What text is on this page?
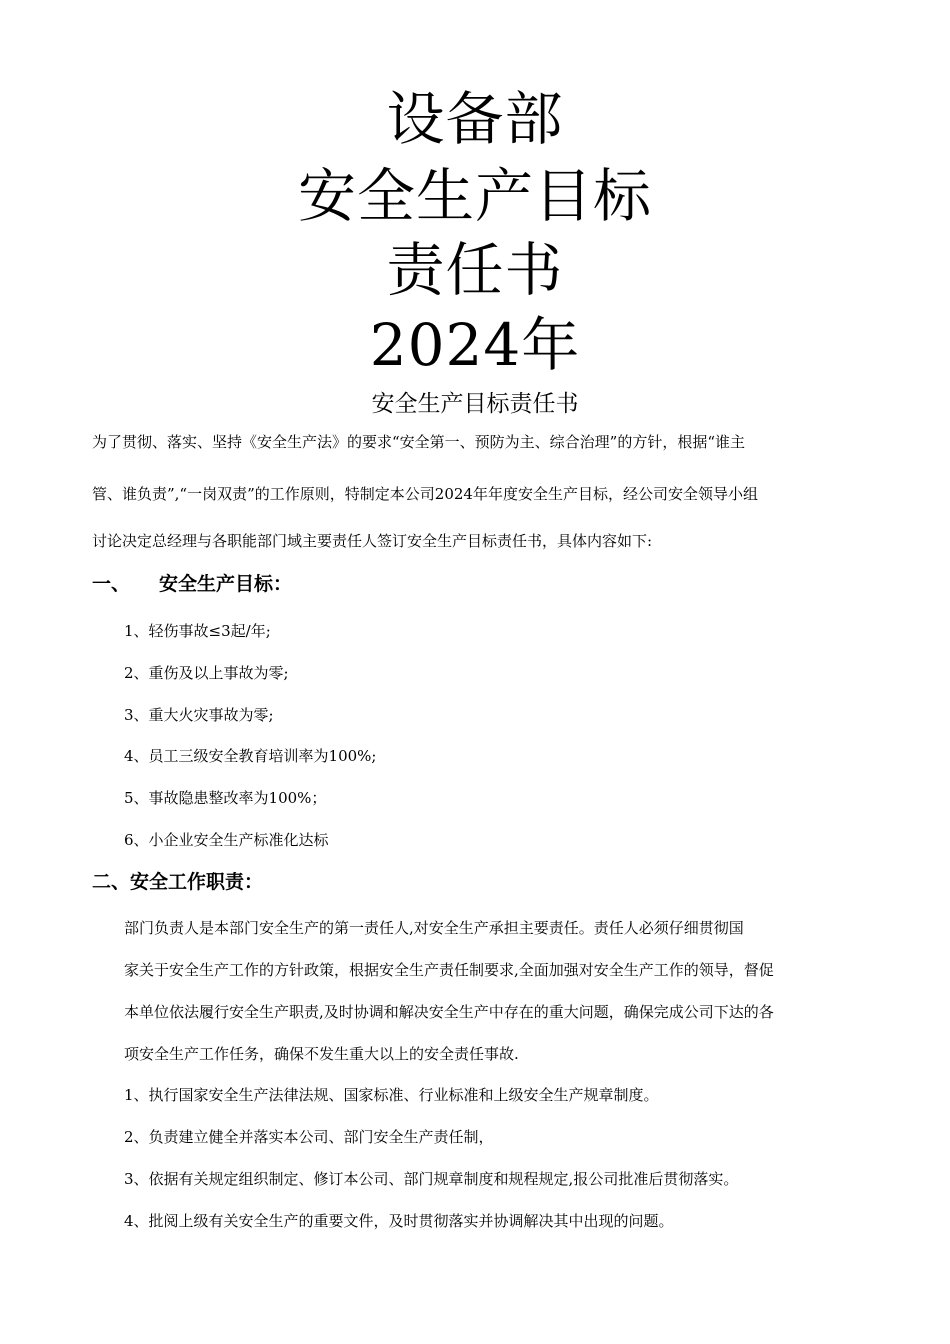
设备部
安全生产目标
责任书
2024年
安全生产目标责任书
为了贯彻、落实、坚持《安全生产法》的要求“安全第一、预防为主、综合治理”的方针，根据“谁主
管、谁负责”,“一岗双责”的工作原则，特制定本公司2024年年度安全生产目标，经公司安全领导小组
讨论决定总经理与各职能部门域主要责任人签订安全生产目标责任书，具体内容如下:
一、 安全生产目标：
1、轻伤事故≤3起/年;
2、重伤及以上事故为零;
3、重大火灾事故为零;
4、员工三级安全教育培训率为100%;
5、事故隐患整改率为100%；
6、小企业安全生产标准化达标
二、安全工作职责：
部门负责人是本部门安全生产的第一责任人,对安全生产承担主要责任。责任人必须仔细贯彻国
家关于安全生产工作的方针政策，根据安全生产责任制要求,全面加强对安全生产工作的领导，督促
本单位依法履行安全生产职责,及时协调和解决安全生产中存在的重大问题，确保完成公司下达的各
项安全生产工作任务，确保不发生重大以上的安全责任事故.
1、执行国家安全生产法律法规、国家标准、行业标准和上级安全生产规章制度。
2、负责建立健全并落实本公司、部门安全生产责任制，
3、依据有关规定组织制定、修订本公司、部门规章制度和规程规定,报公司批准后贯彻落实。
4、批阅上级有关安全生产的重要文件，及时贯彻落实并协调解决其中出现的问题。
